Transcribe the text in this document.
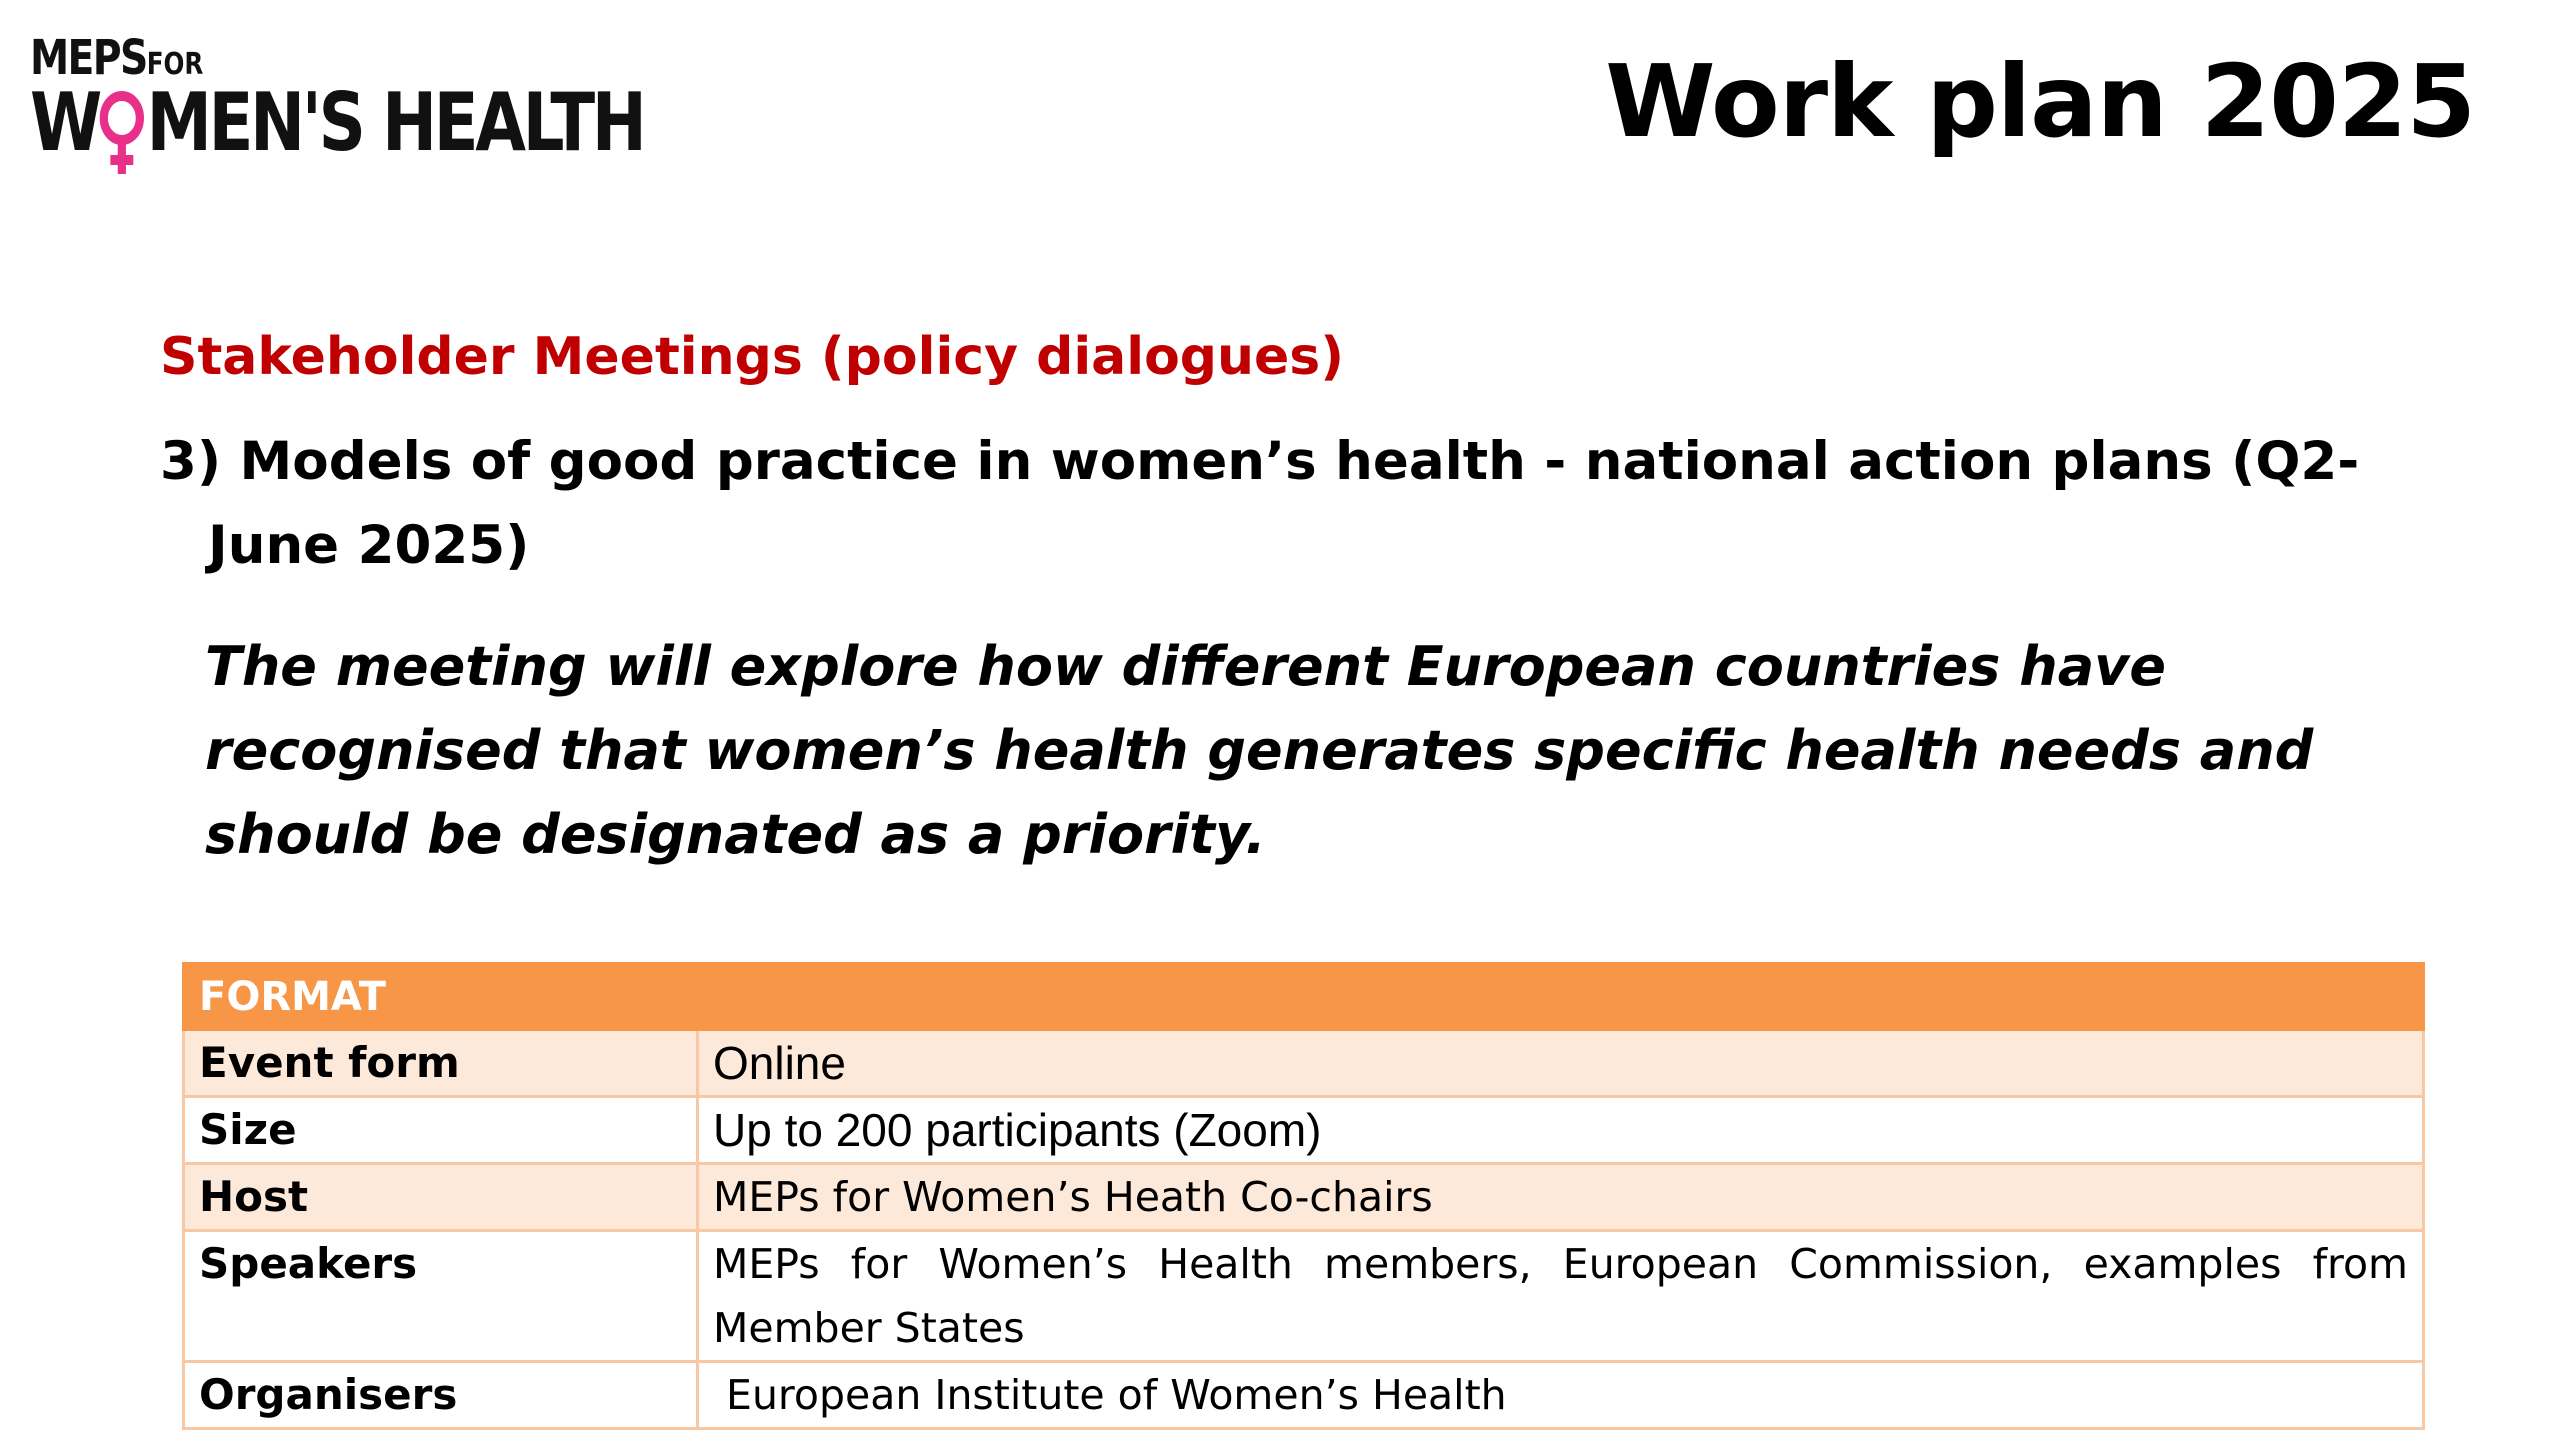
MEPSFOR
W MEN'S HEALTH	Work plan 2025
Stakeholder Meetings (policy dialogues)
3) Models of good practice in women’s health - national action plans (Q2- June 2025)
The meeting will explore how different European countries have recognised that women’s health generates specific health needs and should be designated as a priority.
FORMAT	
Event form	Online
Size	Up to 200 participants (Zoom)
Host	MEPs for Women’s Heath Co-chairs
Speakers	MEPs for Women’s Health members, European Commission, examples from Member States
Organisers	European Institute of Women’s Health
